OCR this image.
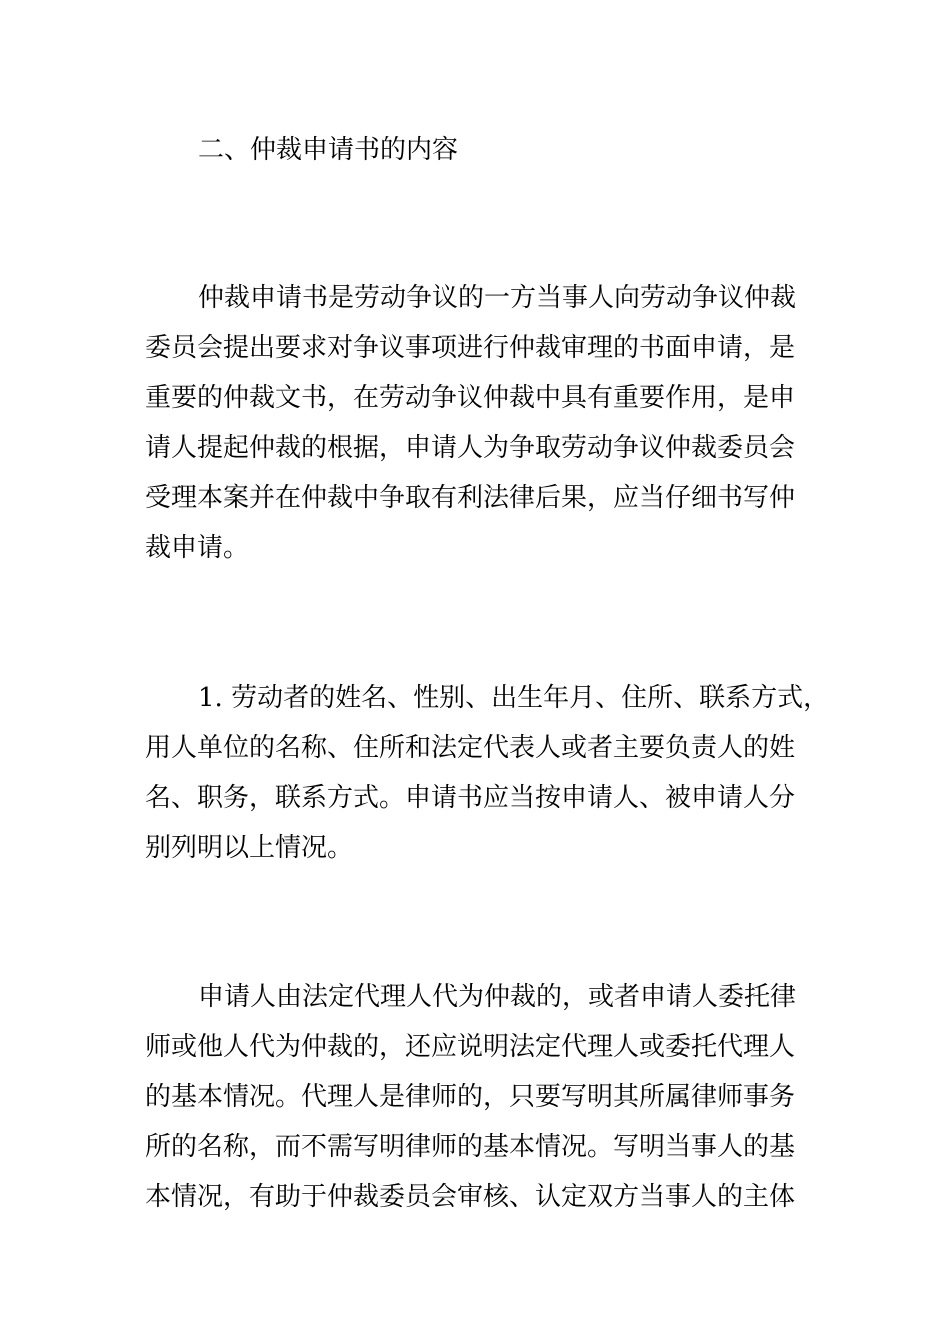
二、仲裁申请书的内容
仲裁申请书是劳动争议的一方当事人向劳动争议仲裁
委员会提出要求对争议事项进行仲裁审理的书面申请，是
重要的仲裁文书，在劳动争议仲裁中具有重要作用，是申
请人提起仲裁的根据，申请人为争取劳动争议仲裁委员会
受理本案并在仲裁中争取有利法律后果，应当仔细书写仲
裁申请。
1. 劳动者的姓名、性别、出生年月、住所、联系方式，
用人单位的名称、住所和法定代表人或者主要负责人的姓
名、职务，联系方式。申请书应当按申请人、被申请人分
别列明以上情况。
申请人由法定代理人代为仲裁的，或者申请人委托律
师或他人代为仲裁的，还应说明法定代理人或委托代理人
的基本情况。代理人是律师的，只要写明其所属律师事务
所的名称，而不需写明律师的基本情况。写明当事人的基
本情况，有助于仲裁委员会审核、认定双方当事人的主体
